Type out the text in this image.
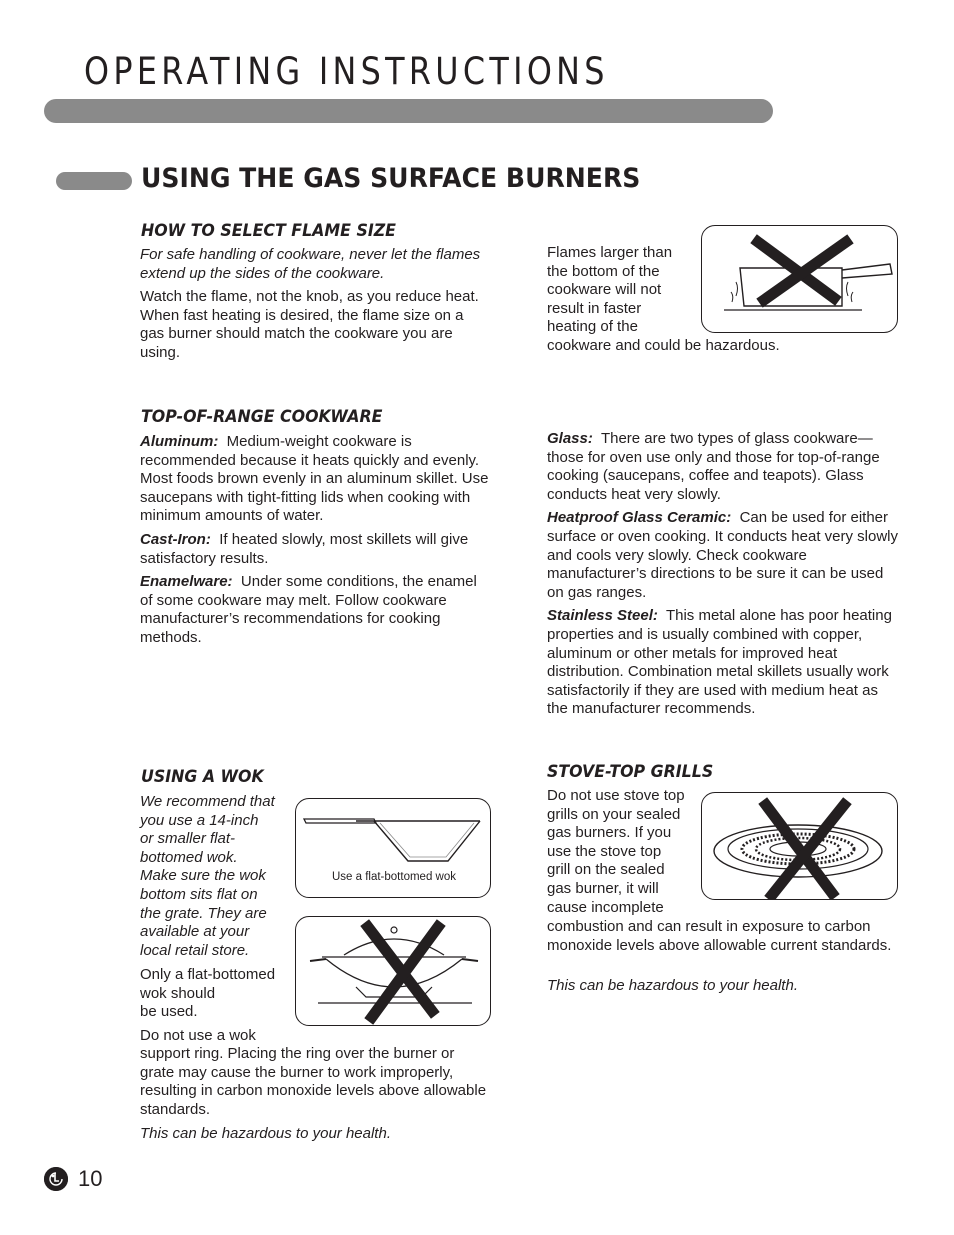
OPERATING INSTRUCTIONS
USING THE GAS SURFACE BURNERS
HOW TO SELECT FLAME SIZE
For safe handling of cookware, never let the flames extend up the sides of the cookware.
Watch the flame, not the knob, as you reduce heat. When fast heating is desired, the flame size on a gas burner should match the cookware you are using.
Flames larger than
the bottom of the
cookware will not
result in faster
heating of the
cookware and could be hazardous.
TOP-OF-RANGE COOKWARE
Aluminum: Medium-weight cookware is recommended because it heats quickly and evenly. Most foods brown evenly in an aluminum skillet. Use saucepans with tight-fitting lids when cooking with minimum amounts of water.
Cast-Iron: If heated slowly, most skillets will give satisfactory results.
Enamelware: Under some conditions, the enamel of some cookware may melt. Follow cookware manufacturer’s recommendations for cooking methods.
Glass: There are two types of glass cookware—those for oven use only and those for top-of-range cooking (saucepans, coffee and teapots). Glass conducts heat very slowly.
Heatproof Glass Ceramic: Can be used for either surface or oven cooking. It conducts heat very slowly and cools very slowly. Check cookware manufacturer’s directions to be sure it can be used on gas ranges.
Stainless Steel: This metal alone has poor heating properties and is usually combined with copper, aluminum or other metals for improved heat distribution. Combination metal skillets usually work satisfactorily if they are used with medium heat as the manufacturer recommends.
USING A WOK
We recommend that
you use a 14-inch
or smaller flat-
bottomed wok.
Make sure the wok
bottom sits flat on
the grate. They are
available at your
local retail store.
Only a flat-bottomed
wok should
be used.
Do not use a wok
support ring. Placing the ring over the burner or grate may cause the burner to work improperly, resulting in carbon monoxide levels above allowable standards.
This can be hazardous to your health.
Use a flat-bottomed wok
STOVE-TOP GRILLS
Do not use stove top
grills on your sealed
gas burners. If you
use the stove top
grill on the sealed
gas burner, it will
cause incomplete
combustion and can result in exposure to carbon monoxide levels above allowable current standards.
This can be hazardous to your health.
10
